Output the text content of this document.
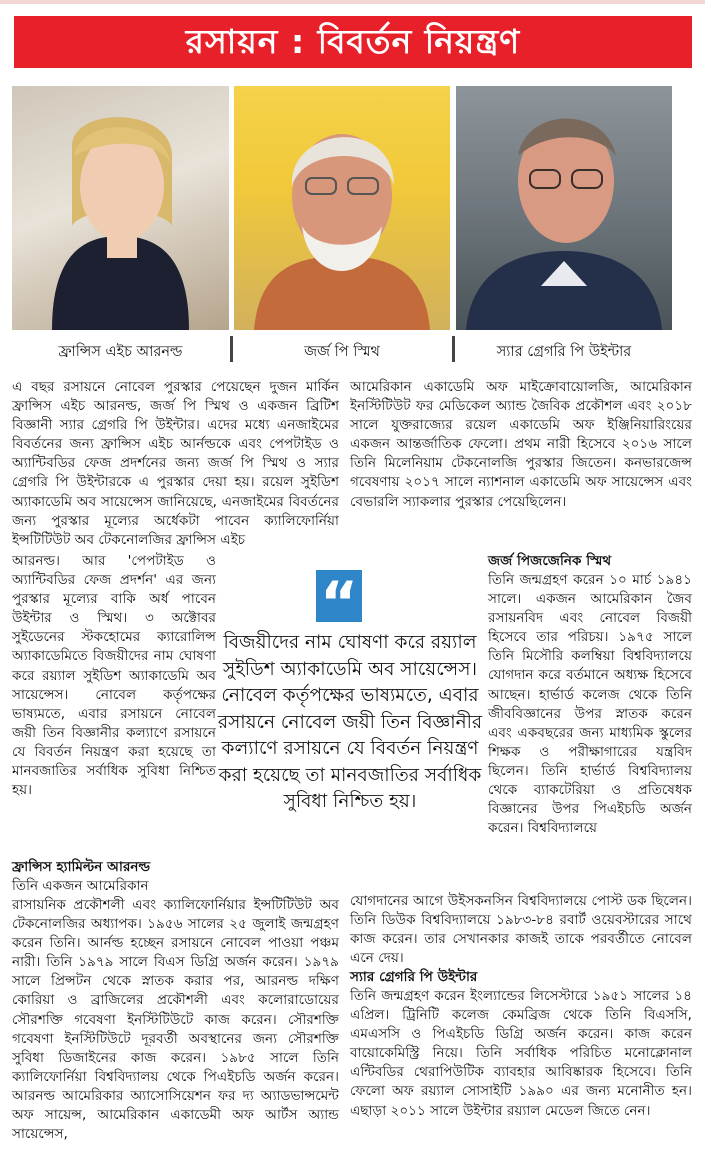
রসায়ন : বিবর্তন নিয়ন্ত্রণ
ফ্রান্সিস এইচ আরনল্ড	জর্জ পি স্মিথ	স্যার গ্রেগরি পি উইন্টার

এ বছর রসায়নে নোবেল পুরস্কার পেয়েছেন দুজন মার্কিন ফ্রান্সিস এইচ আরনল্ড, জর্জ পি স্মিথ ও একজন ব্রিটিশ বিজ্ঞানী স্যার গ্রেগরি পি উইন্টার। এদের মধ্যে এনজাইমের বিবর্তনের জন্য ফ্রান্সিস এইচ আর্নল্ডকে এবং পেপটাইড ও অ্যান্টিবডির ফেজ প্রদর্শনের জন্য জর্জ পি স্মিথ ও স্যার গ্রেগরি পি উইন্টারকে এ পুরস্কার দেয়া হয়। রয়েল সুইডিশ অ্যাকাডেমি অব সায়েন্সেস জানিয়েছে, এনজাইমের বিবর্তনের জন্য পুরস্কার মূল্যের অর্ধেকটা পাবেন ক্যালিফোর্নিয়া ইন্সটিটিউট অব টেকনোলজির ফ্রান্সিস এইচ

আরনল্ড। আর 'পেপটাইড ও অ্যান্টিবডির ফেজ প্রদর্শন' এর জন্য পুরস্কার মূল্যের বাকি অর্ধ পাবেন উইন্টার ও স্মিথ। ৩ অক্টোবর সুইডেনের স্টকহোমের ক্যারোলিন্স অ্যাকাডেমিতে বিজয়ীদের নাম ঘোষণা করে রয়্যাল সুইডিশ অ্যাকাডেমি অব সায়েন্সেস। নোবেল কর্তৃপক্ষের ভাষ্যমতে, এবার রসায়নে নোবেল জয়ী তিন বিজ্ঞানীর কল্যাণে রসায়নে যে বিবর্তন নিয়ন্ত্রণ করা হয়েছে তা মানবজাতির সর্বাধিক সুবিধা নিশ্চিত হয়।

ফ্রান্সিস হ্যামিল্টন আরনল্ড
তিনি একজন আমেরিকান

রাসায়নিক প্রকৌশলী এবং ক্যালিফোর্নিয়ার ইন্সটিটিউট অব টেকনোলজির অধ্যাপক। ১৯৫৬ সালের ২৫ জুলাই জন্মগ্রহণ করেন তিনি। আর্নল্ড হচ্ছেন রসায়নে নোবেল পাওয়া পঞ্চম নারী। তিনি ১৯৭৯ সালে বিএস ডিগ্রি অর্জন করেন। ১৯৭৯ সালে প্রিন্সটন থেকে স্নাতক করার পর, আরনল্ড দক্ষিণ কোরিয়া ও ব্রাজিলের প্রকৌশলী এবং কলোরাডোয়ের সৌরশক্তি গবেষণা ইনস্টিটিউটে কাজ করেন। সৌরশক্তি গবেষণা ইনস্টিটিউটে দূরবর্তী অবস্থানের জন্য সৌরশক্তি সুবিধা ডিজাইনের কাজ করেন। ১৯৮৫ সালে তিনি ক্যালিফোর্নিয়া বিশ্ববিদ্যালয় থেকে পিএইচডি অর্জন করেন। আরনল্ড আমেরিকার অ্যাসোসিয়েশন ফর দ্য অ্যাডভান্সমেন্ট অফ সায়েন্স, আমেরিকান একাডেমী অফ আর্টস অ্যান্ড সায়েন্সেস,

আমেরিকান একাডেমি অফ মাইক্রোবায়োলজি, আমেরিকান ইনস্টিটিউট ফর মেডিকেল অ্যান্ড জৈবিক প্রকৌশল এবং ২০১৮ সালে যুক্তরাজ্যের রয়েল একাডেমি অফ ইঞ্জিনিয়ারিংয়ের একজন আন্তর্জাতিক ফেলো। প্রথম নারী হিসেবে ২০১৬ সালে তিনি মিলেনিয়াম টেকনোলজি পুরস্কার জিতেন। কনভারজেন্স গবেষণায় ২০১৭ সালে ন্যাশনাল একাডেমি অফ সায়েন্সেস এবং বেভারলি স্যাকলার পুরস্কার পেয়েছিলেন।

জর্জ পিজজেনিক স্মিথ

তিনি জন্মগ্রহণ করেন ১০ মার্চ ১৯৪১ সালে। একজন আমেরিকান জৈব রসায়নবিদ এবং নোবেল বিজয়ী হিসেবে তার পরিচয়। ১৯৭৫ সালে তিনি মিসৌরি কলম্বিয়া বিশ্ববিদ্যালয়ে যোগদান করে বর্তমানে অধ্যক্ষ হিসেবে আছেন। হার্ভার্ড কলেজ থেকে তিনি জীববিজ্ঞানের উপর স্নাতক করেন এবং একবছরের জন্য মাধ্যমিক স্কুলের শিক্ষক ও পরীক্ষাগারের যন্ত্রবিদ ছিলেন। তিনি হার্ভার্ড বিশ্ববিদ্যালয় থেকে ব্যাকটেরিয়া ও প্রতিষেধক বিজ্ঞানের উপর পিএইচডি অর্জন করেন। বিশ্ববিদ্যালয়ে

যোগদানের আগে উইসকনসিন বিশ্ববিদ্যালয়ে পোস্ট ডক ছিলেন। তিনি ডিউক বিশ্ববিদ্যালয়ে ১৯৮৩-৮৪ রবার্ট ওয়েবস্টারের সাথে কাজ করেন। তার সেখানকার কাজই তাকে পরবর্তীতে নোবেল এনে দেয়।

স্যার গ্রেগরি পি উইন্টার

তিনি জন্মগ্রহণ করেন ইংল্যান্ডের লিসেস্টারে ১৯৫১ সালের ১৪ এপ্রিল। ট্রিনিটি কলেজ কেমব্রিজ থেকে তিনি বিএসসি, এমএসসি ও পিএইচডি ডিগ্রি অর্জন করেন। কাজ করেন বায়োকেমিস্ট্রি নিয়ে। তিনি সর্বাধিক পরিচিত মনোক্লোনাল এন্টিবডির থেরাপিউটিক ব্যাবহার আবিষ্কারক হিসেবে। তিনি ফেলো অফ রয়্যাল সোসাইটি ১৯৯০ এর জন্য মনোনীত হন। এছাড়া ২০১১ সালে উইন্টার রয়্যাল মেডেল জিতে নেন।

“
বিজয়ীদের নাম ঘোষণা করে রয়্যাল সুইডিশ অ্যাকাডেমি অব সায়েন্সেস। নোবেল কর্তৃপক্ষের ভাষ্যমতে, এবার রসায়নে নোবেল জয়ী তিন বিজ্ঞানীর কল্যাণে রসায়নে যে বিবর্তন নিয়ন্ত্রণ করা হয়েছে তা মানবজাতির সর্বাধিক সুবিধা নিশ্চিত হয়।
